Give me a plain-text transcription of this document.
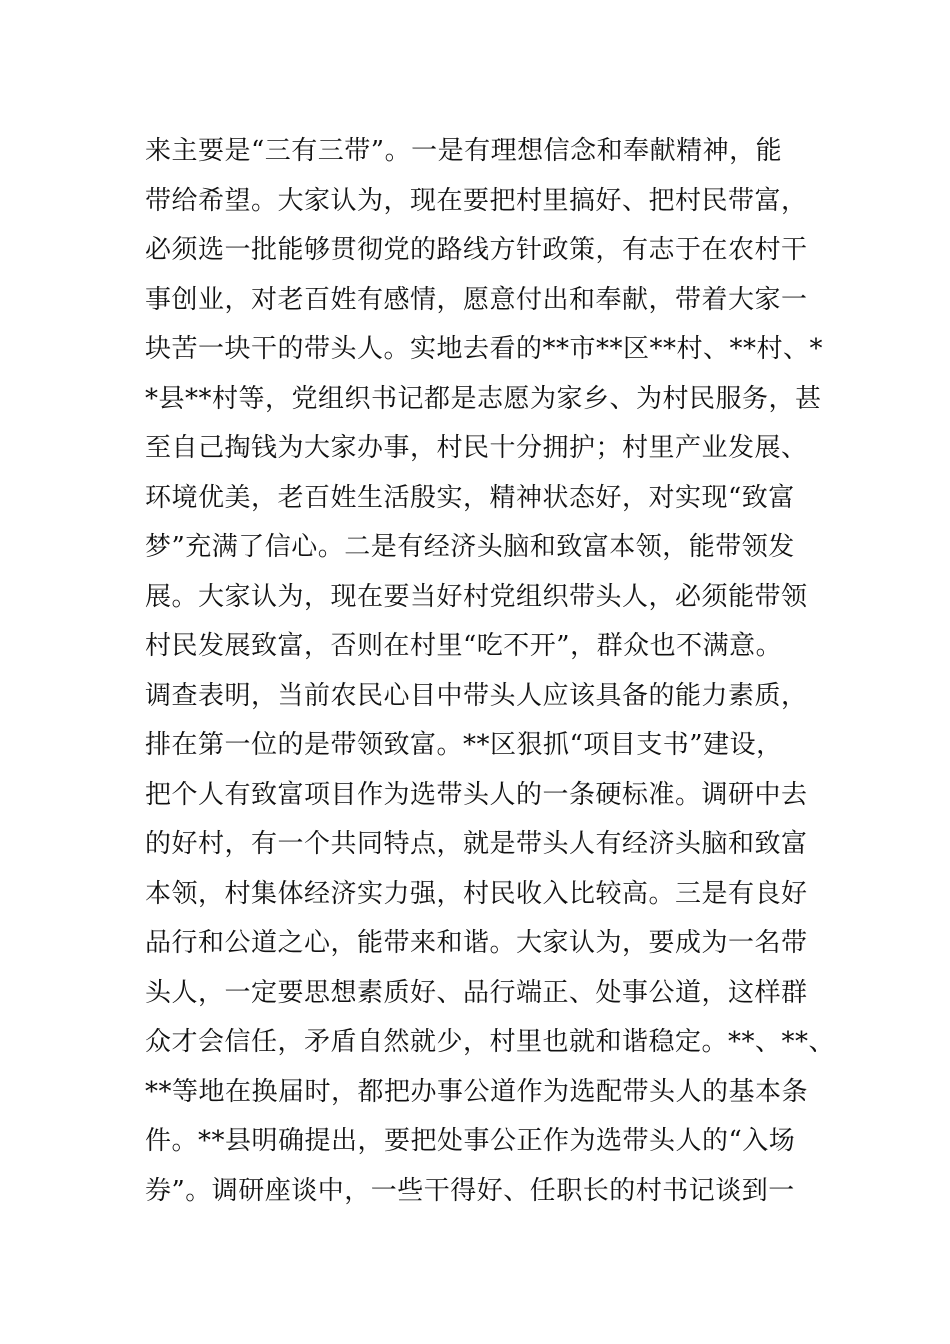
来主要是“三有三带”。一是有理想信念和奉献精神，能
带给希望。大家认为，现在要把村里搞好、把村民带富，
必须选一批能够贯彻党的路线方针政策，有志于在农村干
事创业，对老百姓有感情，愿意付出和奉献，带着大家一
块苦一块干的带头人。实地去看的**市**区**村、**村、*
*县**村等，党组织书记都是志愿为家乡、为村民服务，甚
至自己掏钱为大家办事，村民十分拥护；村里产业发展、
环境优美，老百姓生活殷实，精神状态好，对实现“致富
梦”充满了信心。二是有经济头脑和致富本领，能带领发
展。大家认为，现在要当好村党组织带头人，必须能带领
村民发展致富，否则在村里“吃不开”，群众也不满意。
调查表明，当前农民心目中带头人应该具备的能力素质，
排在第一位的是带领致富。**区狠抓“项目支书”建设，
把个人有致富项目作为选带头人的一条硬标准。调研中去
的好村，有一个共同特点，就是带头人有经济头脑和致富
本领，村集体经济实力强，村民收入比较高。三是有良好
品行和公道之心，能带来和谐。大家认为，要成为一名带
头人，一定要思想素质好、品行端正、处事公道，这样群
众才会信任，矛盾自然就少，村里也就和谐稳定。**、**、
**等地在换届时，都把办事公道作为选配带头人的基本条
件。**县明确提出，要把处事公正作为选带头人的“入场
券”。调研座谈中，一些干得好、任职长的村书记谈到一
